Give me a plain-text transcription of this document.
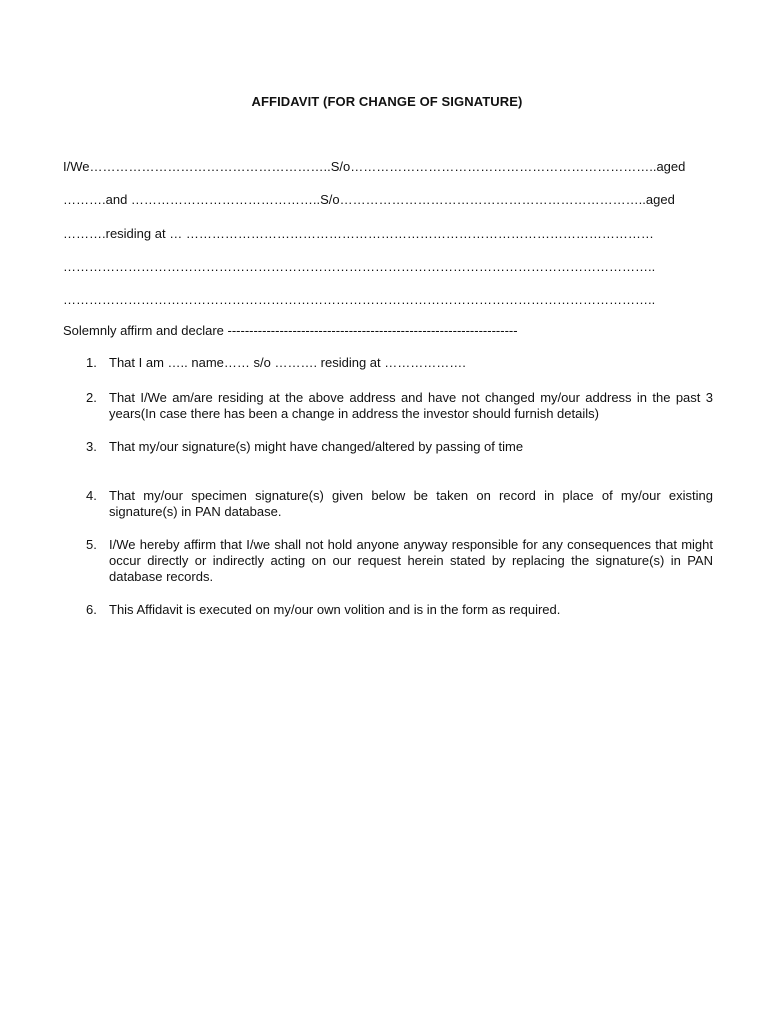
AFFIDAVIT (FOR CHANGE OF SIGNATURE)
I/We………………………………………………..S/o……………………………………………………………..aged
……….and ……………………………………..S/o……………………………………………………………..aged
……….residing at … ………………………………………………………………………………………………
………………………………………………………………………………………………………………………..
………………………………………………………………………………………………………………………..
Solemnly affirm and declare -------------------------------------------------------------------
1. That I am ….. name…… s/o ………. residing at ……………….
2. That I/We am/are residing at the above address and have not changed my/our address in the past 3 years(In case there has been a change in address the investor should furnish details)
3. That my/our signature(s) might have changed/altered by passing of time
4. That my/our specimen signature(s) given below be taken on record in place of my/our existing signature(s) in PAN database.
5. I/We hereby affirm that I/we shall not hold anyone anyway responsible for any consequences that might occur directly or indirectly acting on our request herein stated by replacing the signature(s) in PAN database records.
6. This Affidavit is executed on my/our own volition and is in the form as required.
